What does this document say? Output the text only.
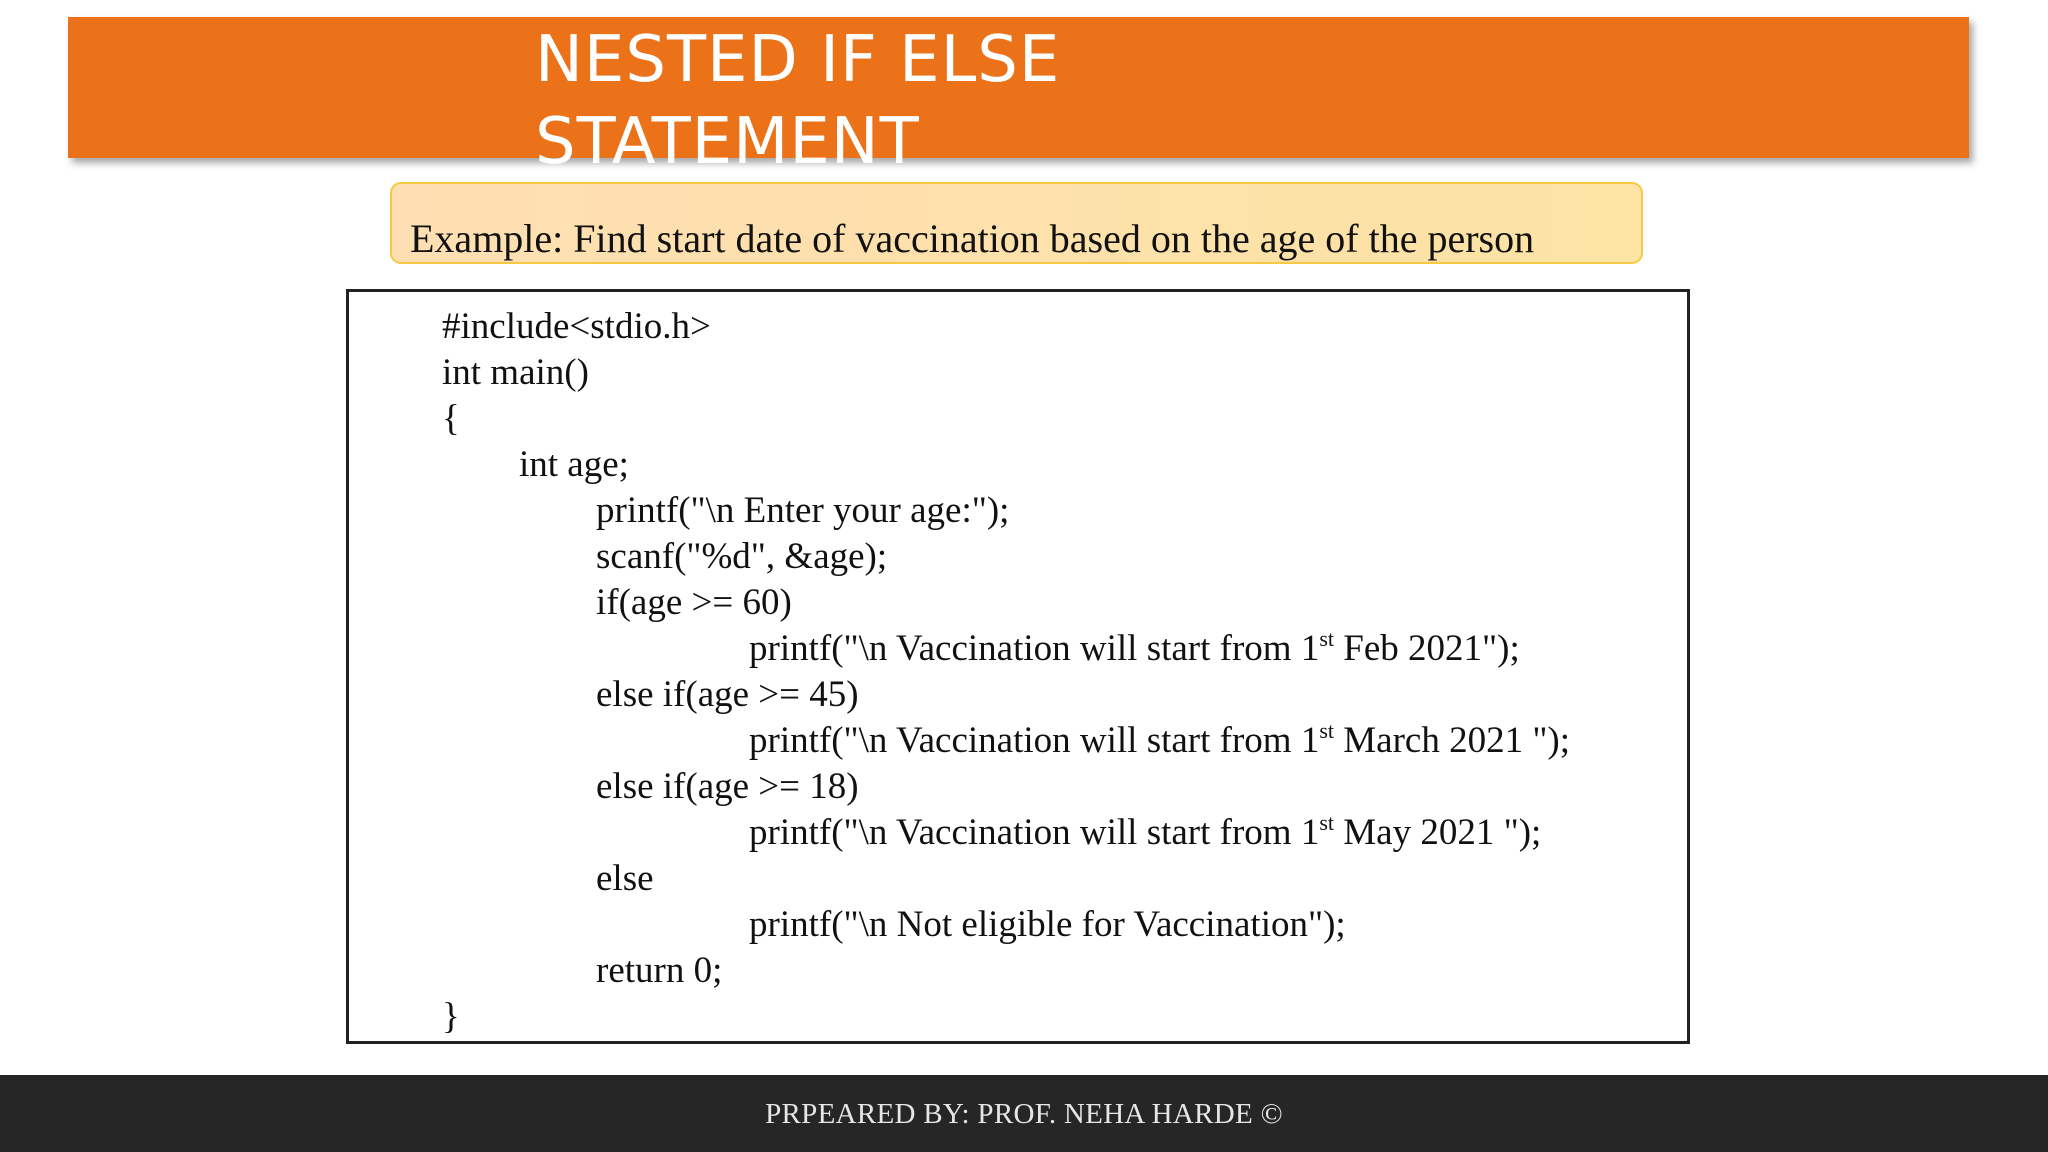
NESTED IF ELSE
STATEMENT
Example: Find start date of vaccination based on the age of the person
#include<stdio.h>
int main()
{
int age;
printf("\n Enter your age:");
scanf("%d", &age);
if(age >= 60)
printf("\n Vaccination will start from 1st Feb 2021");
else if(age >= 45)
printf("\n Vaccination will start from 1st March 2021 ");
else if(age >= 18)
printf("\n Vaccination will start from 1st May 2021 ");
else
printf("\n Not eligible for Vaccination");
return 0;
}
PRPEARED BY: PROF. NEHA HARDE ©
